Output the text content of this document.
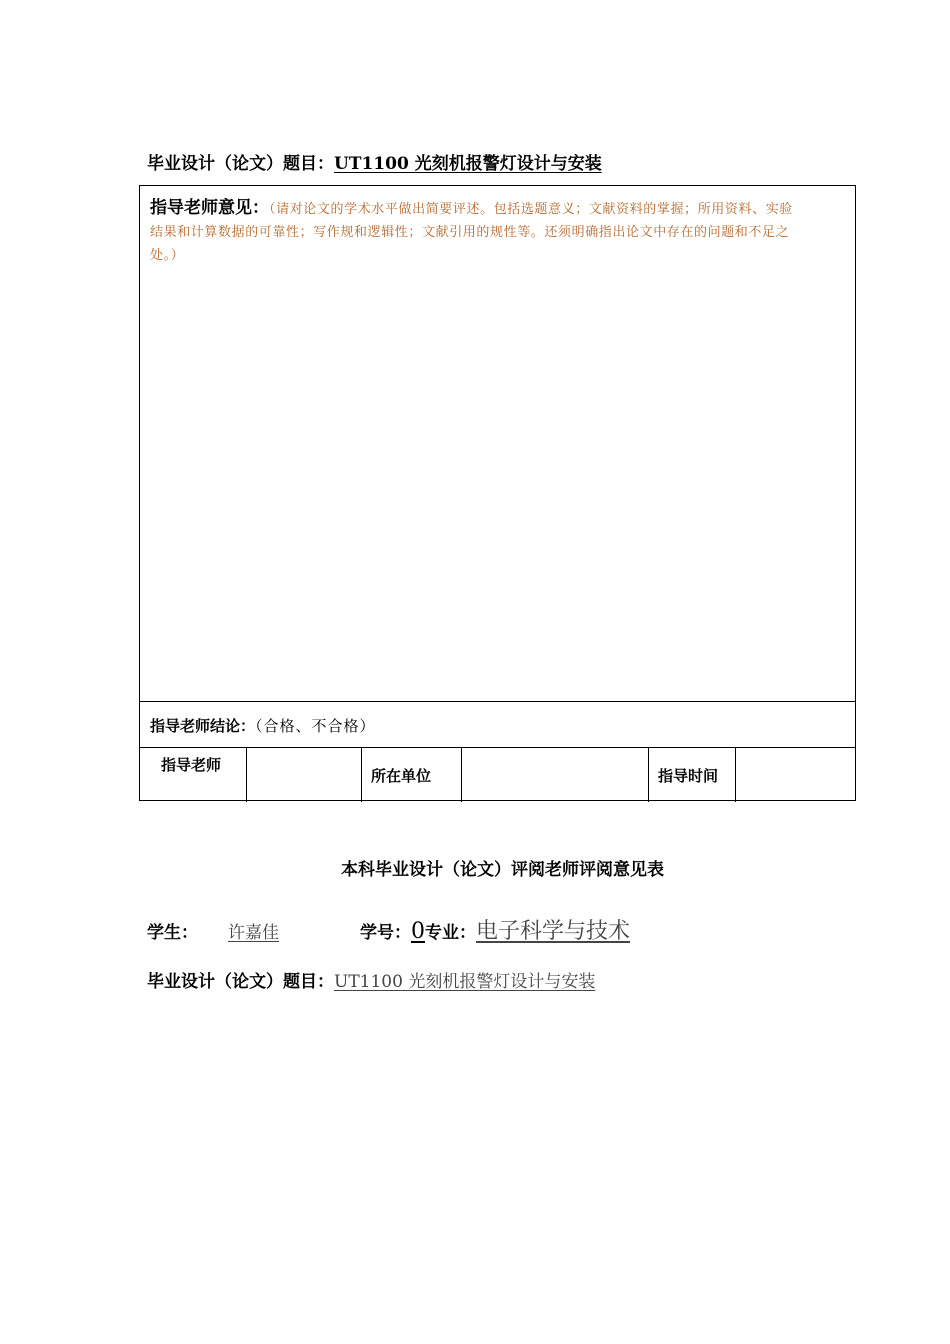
毕业设计（论文）题目：UT1100 光刻机报警灯设计与安装
指导老师意见：（请对论文的学术水平做出简要评述。包括选题意义；文献资料的掌握；所用资料、实验
结果和计算数据的可靠性；写作规和逻辑性；文献引用的规性等。还须明确指出论文中存在的问题和不足之
处。）
指导老师结论：（合格、不合格）
指导老师
所在单位	指导时间
本科毕业设计（论文）评阅老师评阅意见表
学生： 许嘉佳	学号：0专业：电子科学与技术
毕业设计（论文）题目：UT1100 光刻机报警灯设计与安装
